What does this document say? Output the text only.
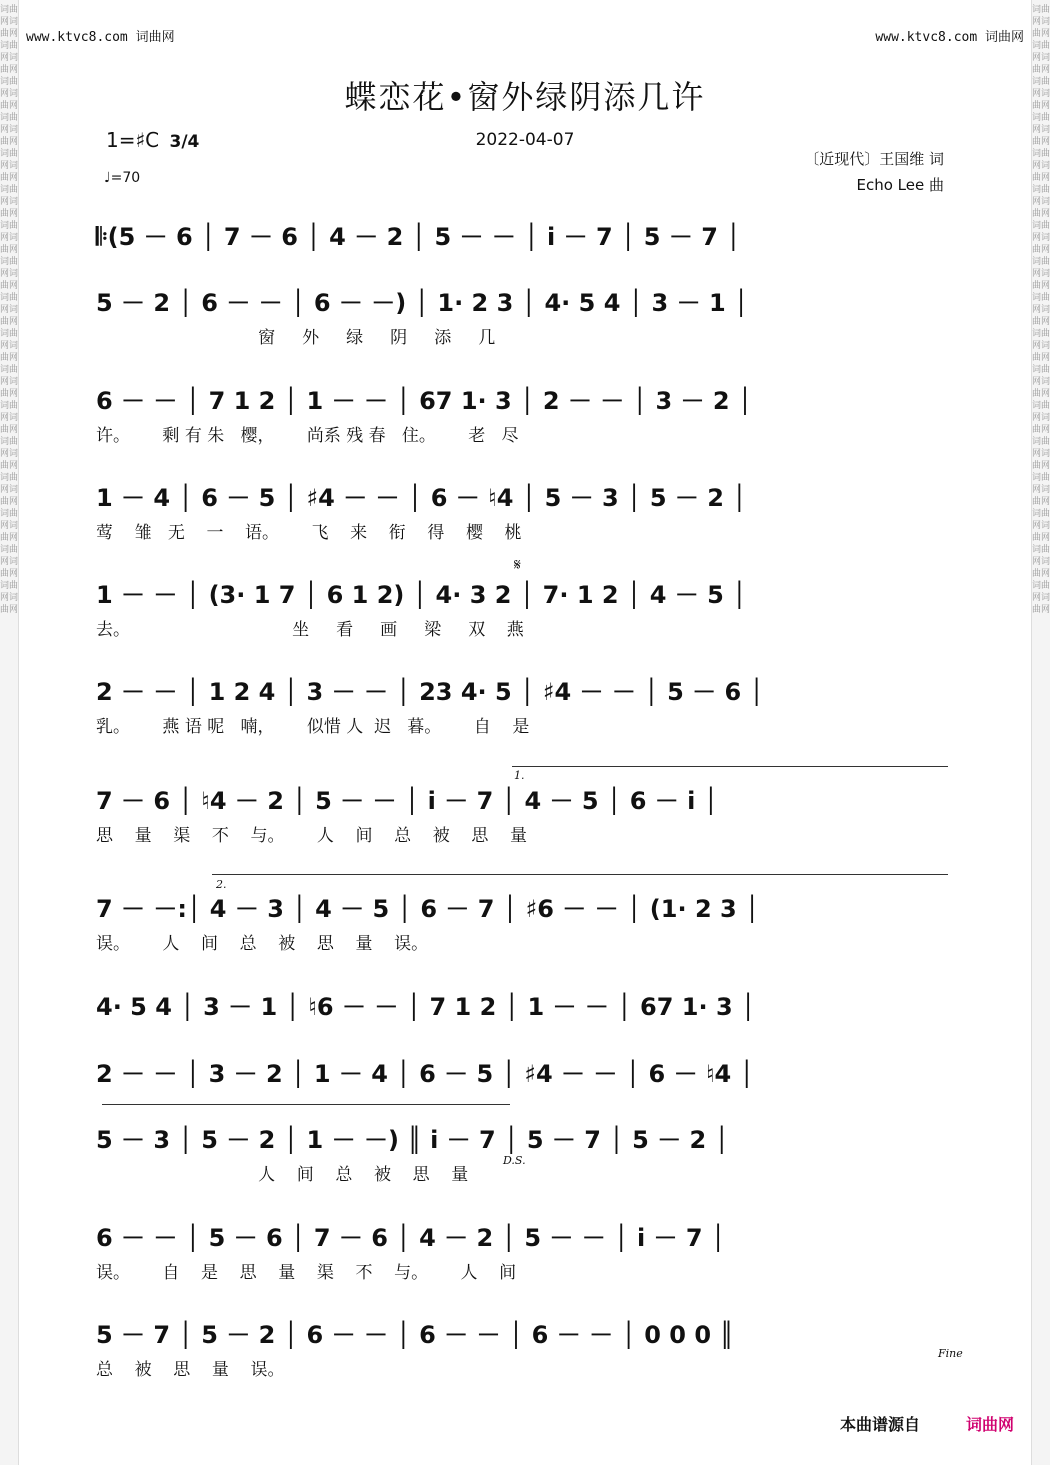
词曲网词曲网词曲网词曲网词曲网词曲网词曲网词曲网词曲网词曲网词曲网词曲网词曲网词曲网词曲网词曲网词曲网词曲网词曲网词曲网词曲网词曲网词曲网词曲网词曲网词曲网词曲网词曲网词曲网词曲网词曲网词曲网词曲网词曲网
词曲网词曲网词曲网词曲网词曲网词曲网词曲网词曲网词曲网词曲网词曲网词曲网词曲网词曲网词曲网词曲网词曲网词曲网词曲网词曲网词曲网词曲网词曲网词曲网词曲网词曲网词曲网词曲网词曲网词曲网词曲网词曲网词曲网词曲网
www.ktvc8.com 词曲网	www.ktvc8.com 词曲网
蝶恋花•窗外绿阴添几许
2022-04-07
1=♯C 3/4
♩=70
〔近现代〕王国维 词
Echo Lee 曲
𝄆(5 － 6 │ 7 － 6 │ 4 － 2 │ 5 － － │ i － 7 │ 5 － 7 │
5 － 2 │ 6 － － │ 6 － －) │ 1· 2 3 │ 4· 5 4 │ 3 － 1 │
窗     外     绿     阴     添     几
6 － － │ 7 1 2 │ 1 － － │ 67 1· 3 │ 2 － － │ 3 － 2 │
许。      剩 有 朱   樱，      尚系 残 春   住。      老   尽
1 － 4 │ 6 － 5 │ ♯4 － － │ 6 － ♮4 │ 5 － 3 │ 5 － 2 │
莺    雏   无    一    语。      飞    来    衔    得    樱    桃
1 － － │ (3· 1 7 │ 6 1 2) │ 4· 3 2 │ 7· 1 2 │ 4 － 5 │
去。                              坐     看     画     梁     双    燕
2 － － │ 1 2 4 │ 3 － － │ 23 4· 5 │ ♯4 － － │ 5 － 6 │
乳。      燕 语 呢   喃，      似惜 人  迟   暮。      自    是
7 － 6 │ ♮4 － 2 │ 5 － － │ i － 7 │ 4 － 5 │ 6 － i │
思    量    渠    不    与。      人    间    总    被    思    量
7 － －:│ 4 － 3 │ 4 － 5 │ 6 － 7 │ ♯6 － － │ (1· 2 3 │
误。      人    间    总    被    思    量    误。
4· 5 4 │ 3 － 1 │ ♮6 － － │ 7 1 2 │ 1 － － │ 67 1· 3 │
2 － － │ 3 － 2 │ 1 － 4 │ 6 － 5 │ ♯4 － － │ 6 － ♮4 │
5 － 3 │ 5 － 2 │ 1 － －) ║ i － 7 │ 5 － 7 │ 5 － 2 │
人    间    总    被    思    量
6 － － │ 5 － 6 │ 7 － 6 │ 4 － 2 │ 5 － － │ i － 7 │
误。      自    是    思    量    渠    不    与。      人    间
5 － 7 │ 5 － 2 │ 6 － － │ 6 － － │ 6 － － │ 0 0 0 ║
总    被    思    量    误。
𝄋
1.
2.
D.S.
Fine
本曲谱源自	词曲网
